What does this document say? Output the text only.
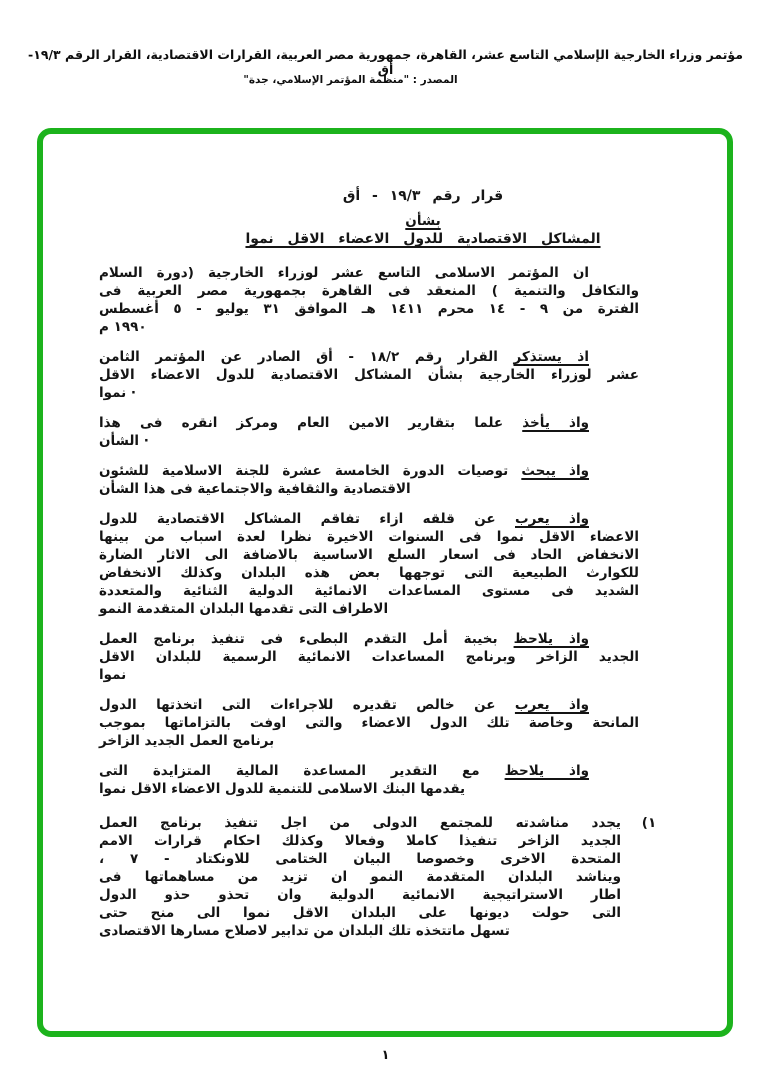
مؤتمر وزراء الخارجية الإسلامي التاسع عشر، القاهرة، جمهورية مصر العربية، القرارات الاقتصادية، القرار الرقم ١٩/٣-أق
المصدر : "منظمة المؤتمر الإسلامي، جدة"
قرار رقم ١٩/٣ - أق
بشأن
المشاكل الاقتصادية للدول الاعضاء الاقل نموا
ان المؤتمر الاسلامى التاسع عشر لوزراء الخارجية (دورة السلام
والتكافل والتنمية ) المنعقد فى القاهرة بجمهورية مصر العربية فى
الفترة من ٩ - ١٤ محرم ١٤١١ هـ الموافق ٣١ يوليو - ٥ أغسطس
١٩٩٠ م
اذ يستذكر القرار رقم ١٨/٢ - أق الصادر عن المؤتمر الثامن
عشر لوزراء الخارجية بشأن المشاكل الاقتصادية للدول الاعضاء الاقل
· نموا
واذ يأخذ علما بتقارير الامين العام ومركز انقره فى هذا
· الشأن
واذ يبحث توصيات الدورة الخامسة عشرة للجنة الاسلامية للشئون
الاقتصادية والثقافية والاجتماعية فى هذا الشأن
واذ يعرب عن قلقه ازاء تفاقم المشاكل الاقتصادية للدول
الاعضاء الاقل نموا فى السنوات الاخيرة نظرا لعدة اسباب من بينها
الانخفاض الحاد فى اسعار السلع الاساسية بالاضافة الى الاثار الضارة
للكوارث الطبيعية التى توجهها بعض هذه البلدان وكذلك الانخفاض
الشديد فى مستوى المساعدات الانمائية الدولية الثنائية والمتعددة
الاطراف التى تقدمها البلدان المتقدمة النمو
واذ يلاحظ بخيبة أمل التقدم البطىء فى تنفيذ برنامج العمل
الجديد الزاخر وبرنامج المساعدات الانمائية الرسمية للبلدان الاقل
نموا
واذ يعرب عن خالص تقديره للاجراءات التى اتخذتها الدول
المانحة وخاصة تلك الدول الاعضاء والتى اوفت بالتزاماتها بموجب
برنامج العمل الجديد الزاخر
واذ يلاحظ مع التقدير المساعدة المالية المتزايدة التى
يقدمها البنك الاسلامى للتنمية للدول الاعضاء الاقل نموا
١)
يجدد مناشدته للمجتمع الدولى من اجل تنفيذ برنامج العمل
الجديد الزاخر تنفيذا كاملا وفعالا وكذلك احكام قرارات الامم
المتحدة الاخرى وخصوصا البيان الختامى للاونكتاد - ٧ ،
ويناشد البلدان المتقدمة النمو ان تزيد من مساهماتها فى
اطار الاستراتيجية الانمائية الدولية وان تحذو حذو الدول
التى حولت ديونها على البلدان الاقل نموا الى منح حتى
تسهل ماتتخذه تلك البلدان من تدابير لاصلاح مسارها الاقتصادى
١
